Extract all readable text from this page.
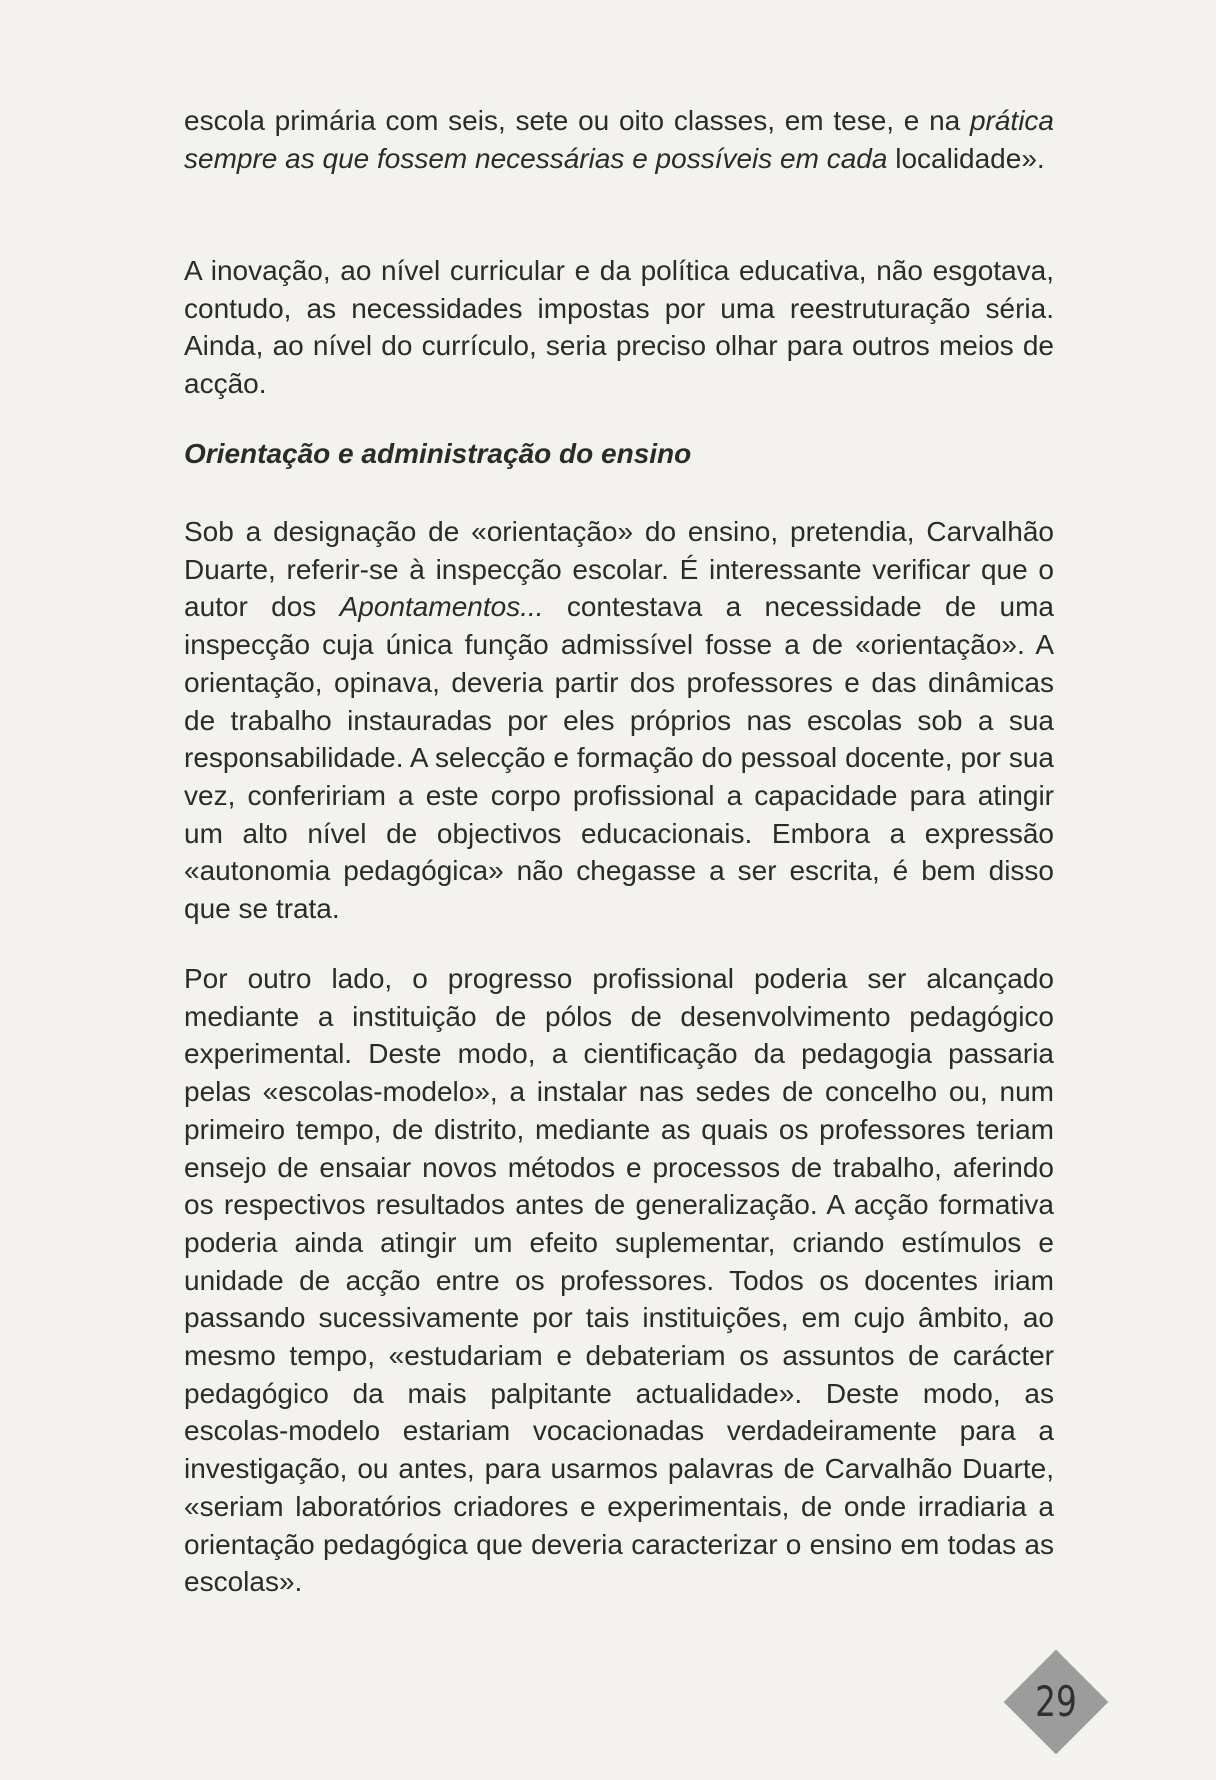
escola primária com seis, sete ou oito classes, em tese, e na prática sempre as que fossem necessárias e possíveis em cada localidade».

A inovação, ao nível curricular e da política educativa, não esgotava, contudo, as necessidades impostas por uma reestruturação séria. Ainda, ao nível do currículo, seria preciso olhar para outros meios de acção.

Orientação e administração do ensino

Sob a designação de «orientação» do ensino, pretendia, Carvalhão Duarte, referir-se à inspecção escolar. É interessante verificar que o autor dos Apontamentos... contestava a necessidade de uma inspecção cuja única função admissível fosse a de «orientação». A orientação, opinava, deveria partir dos professores e das dinâmicas de trabalho instauradas por eles próprios nas escolas sob a sua responsabilidade. A selecção e formação do pessoal docente, por sua vez, confeririam a este corpo profissional a capacidade para atingir um alto nível de objectivos educacionais. Embora a expressão «autonomia pedagógica» não chegasse a ser escrita, é bem disso que se trata.

Por outro lado, o progresso profissional poderia ser alcançado mediante a instituição de pólos de desenvolvimento pedagógico experimental. Deste modo, a cientificação da pedagogia passaria pelas «escolas-modelo», a instalar nas sedes de concelho ou, num primeiro tempo, de distrito, mediante as quais os professores teriam ensejo de ensaiar novos métodos e processos de trabalho, aferindo os respectivos resultados antes de generalização. A acção formativa poderia ainda atingir um efeito suplementar, criando estímulos e unidade de acção entre os professores. Todos os docentes iriam passando sucessivamente por tais instituições, em cujo âmbito, ao mesmo tempo, «estudariam e debateriam os assuntos de carácter pedagógico da mais palpitante actualidade». Deste modo, as escolas-modelo estariam vocacionadas verdadeiramente para a investigação, ou antes, para usarmos palavras de Carvalhão Duarte, «seriam laboratórios criadores e experimentais, de onde irradiaria a orientação pedagógica que deveria caracterizar o ensino em todas as escolas».

29
